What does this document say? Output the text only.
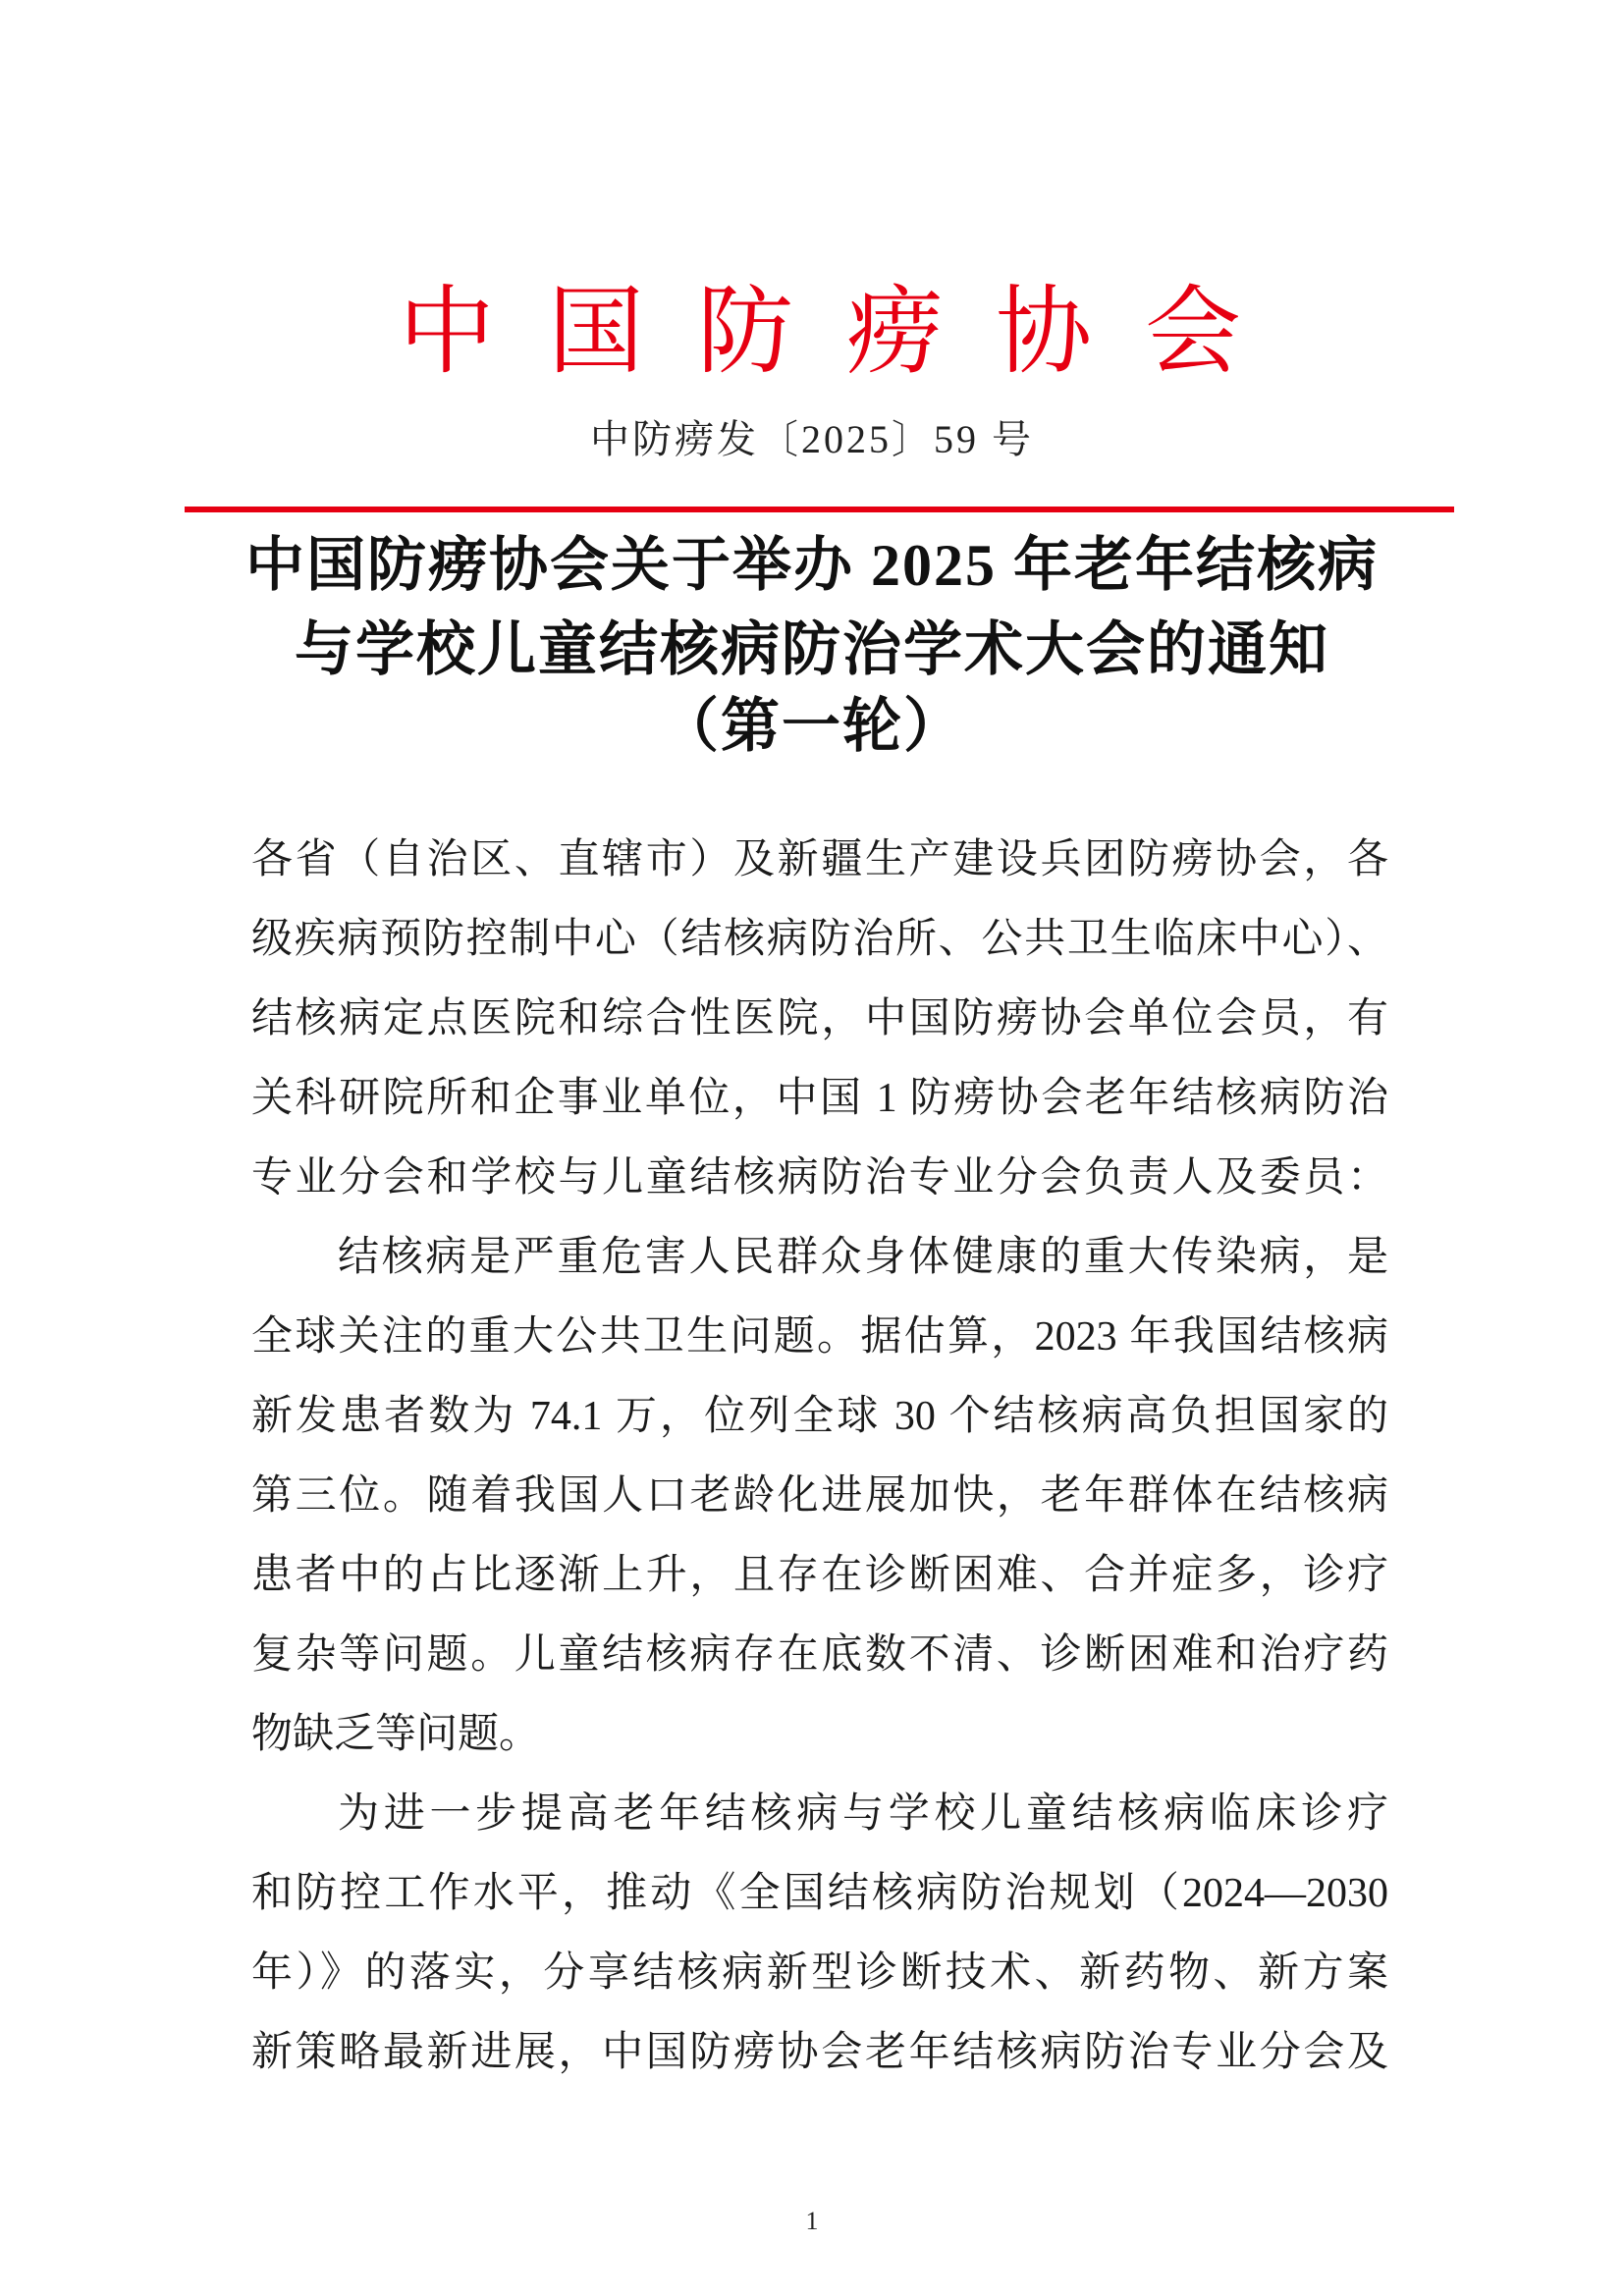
中国防痨协会
中防痨发〔2025〕59 号
中国防痨协会关于举办 2025 年老年结核病
与学校儿童结核病防治学术大会的通知
（第一轮）
各省（自治区、直辖市）及新疆生产建设兵团防痨协会，各
级疾病预防控制中心（结核病防治所、公共卫生临床中心）、
结核病定点医院和综合性医院，中国防痨协会单位会员，有
关科研院所和企事业单位，中国 1 防痨协会老年结核病防治
专业分会和学校与儿童结核病防治专业分会负责人及委员：
结核病是严重危害人民群众身体健康的重大传染病，是
全球关注的重大公共卫生问题。据估算，2023 年我国结核病
新发患者数为 74.1 万，位列全球 30 个结核病高负担国家的
第三位。随着我国人口老龄化进展加快，老年群体在结核病
患者中的占比逐渐上升，且存在诊断困难、合并症多，诊疗
复杂等问题。儿童结核病存在底数不清、诊断困难和治疗药
物缺乏等问题。
为进一步提高老年结核病与学校儿童结核病临床诊疗
和防控工作水平，推动《全国结核病防治规划（2024—2030
年）》的落实，分享结核病新型诊断技术、新药物、新方案
新策略最新进展，中国防痨协会老年结核病防治专业分会及
1
